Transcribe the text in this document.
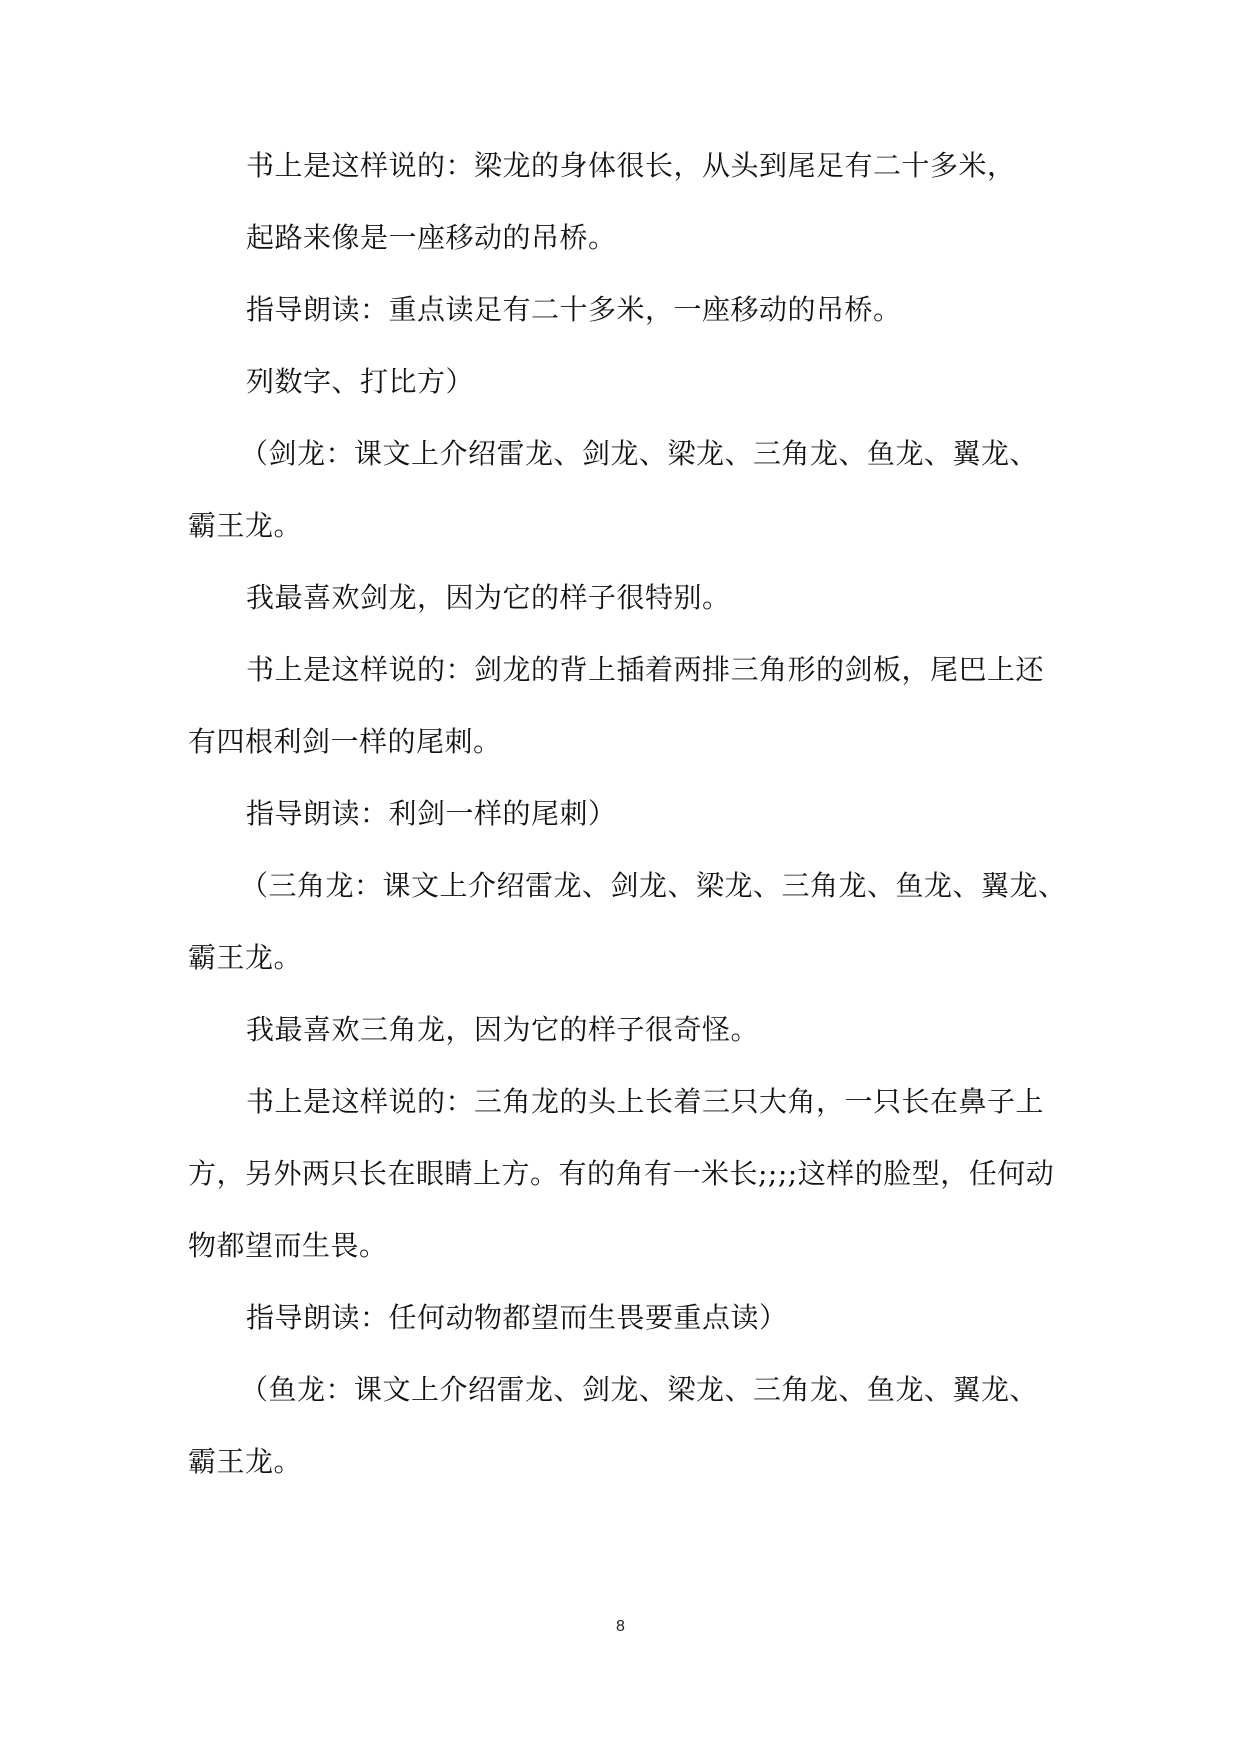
书上是这样说的：梁龙的身体很长，从头到尾足有二十多米，
起路来像是一座移动的吊桥。
指导朗读：重点读足有二十多米，一座移动的吊桥。
列数字、打比方）
（剑龙：课文上介绍雷龙、剑龙、梁龙、三角龙、鱼龙、翼龙、
霸王龙。
我最喜欢剑龙，因为它的样子很特别。
书上是这样说的：剑龙的背上插着两排三角形的剑板，尾巴上还
有四根利剑一样的尾刺。
指导朗读：利剑一样的尾刺）
（三角龙：课文上介绍雷龙、剑龙、梁龙、三角龙、鱼龙、翼龙、
霸王龙。
我最喜欢三角龙，因为它的样子很奇怪。
书上是这样说的：三角龙的头上长着三只大角，一只长在鼻子上
方，另外两只长在眼睛上方。有的角有一米长;;;;这样的脸型，任何动
物都望而生畏。
指导朗读：任何动物都望而生畏要重点读）
（鱼龙：课文上介绍雷龙、剑龙、梁龙、三角龙、鱼龙、翼龙、
霸王龙。
8
